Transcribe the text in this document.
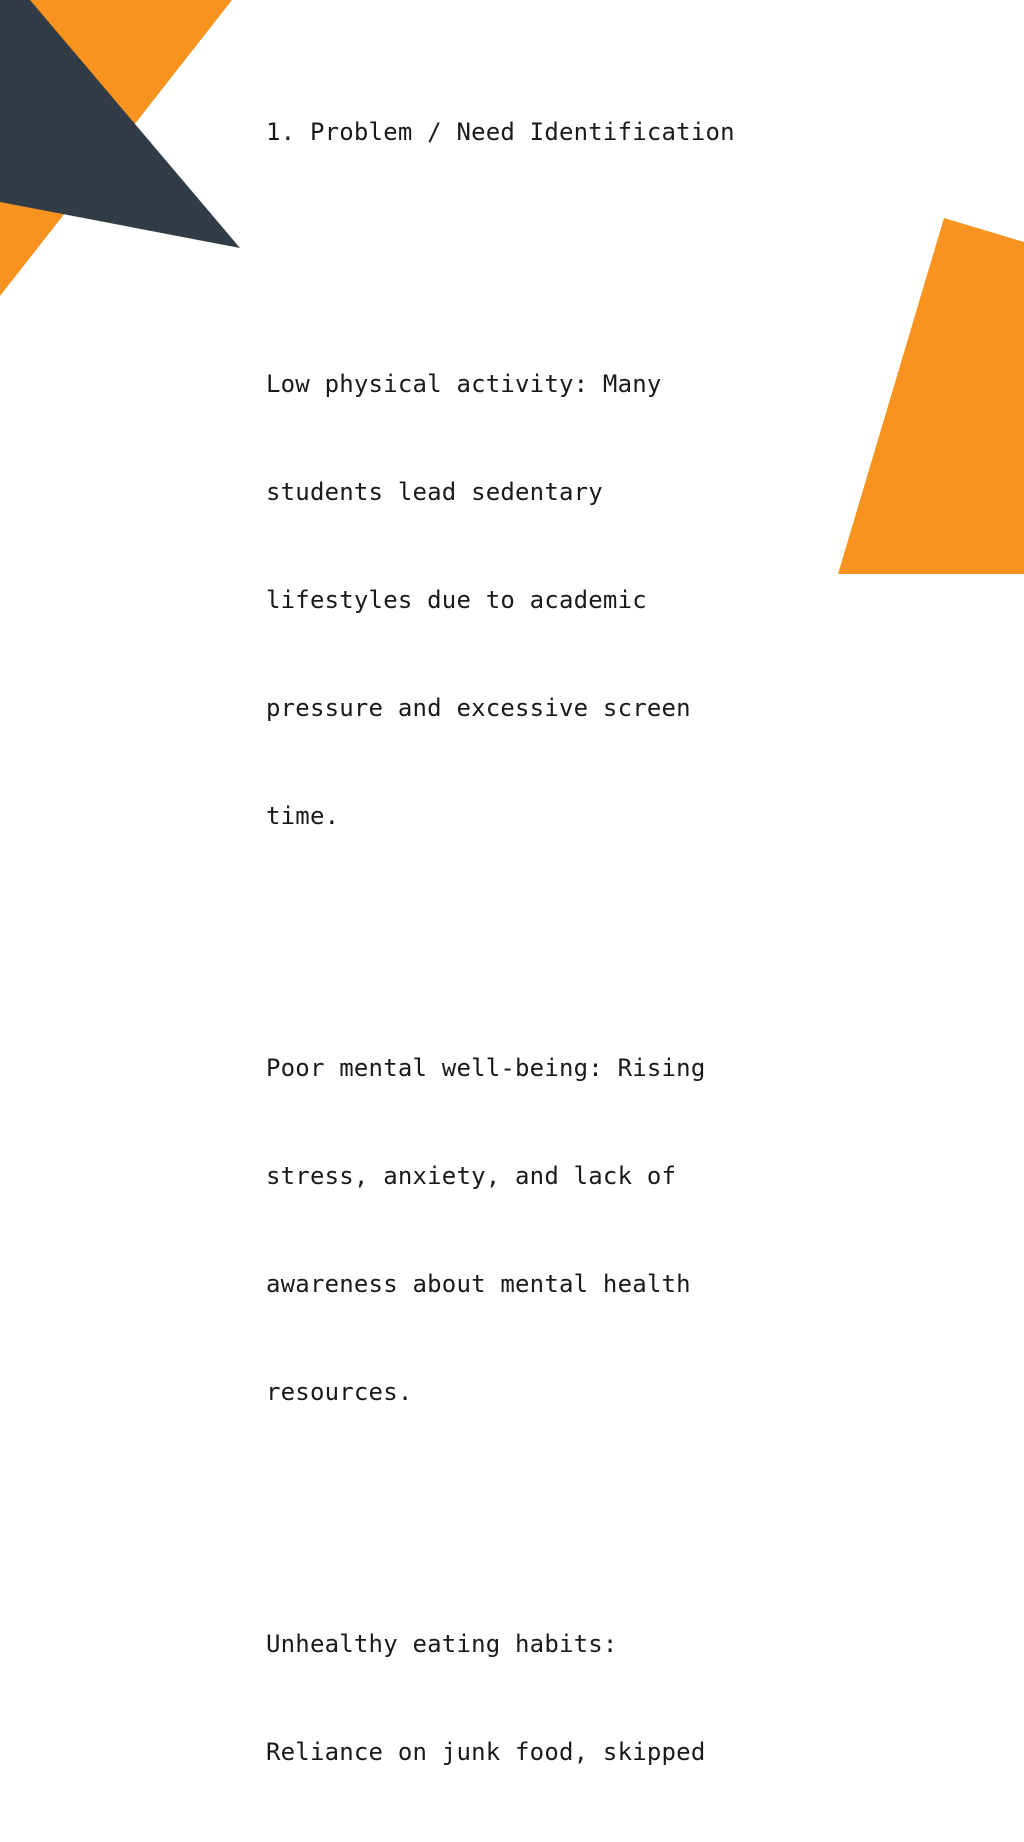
1. Problem / Need Identification

Low physical activity: Many

students lead sedentary

lifestyles due to academic

pressure and excessive screen

time.

Poor mental well-being: Rising

stress, anxiety, and lack of

awareness about mental health

resources.

Unhealthy eating habits:

Reliance on junk food, skipped
